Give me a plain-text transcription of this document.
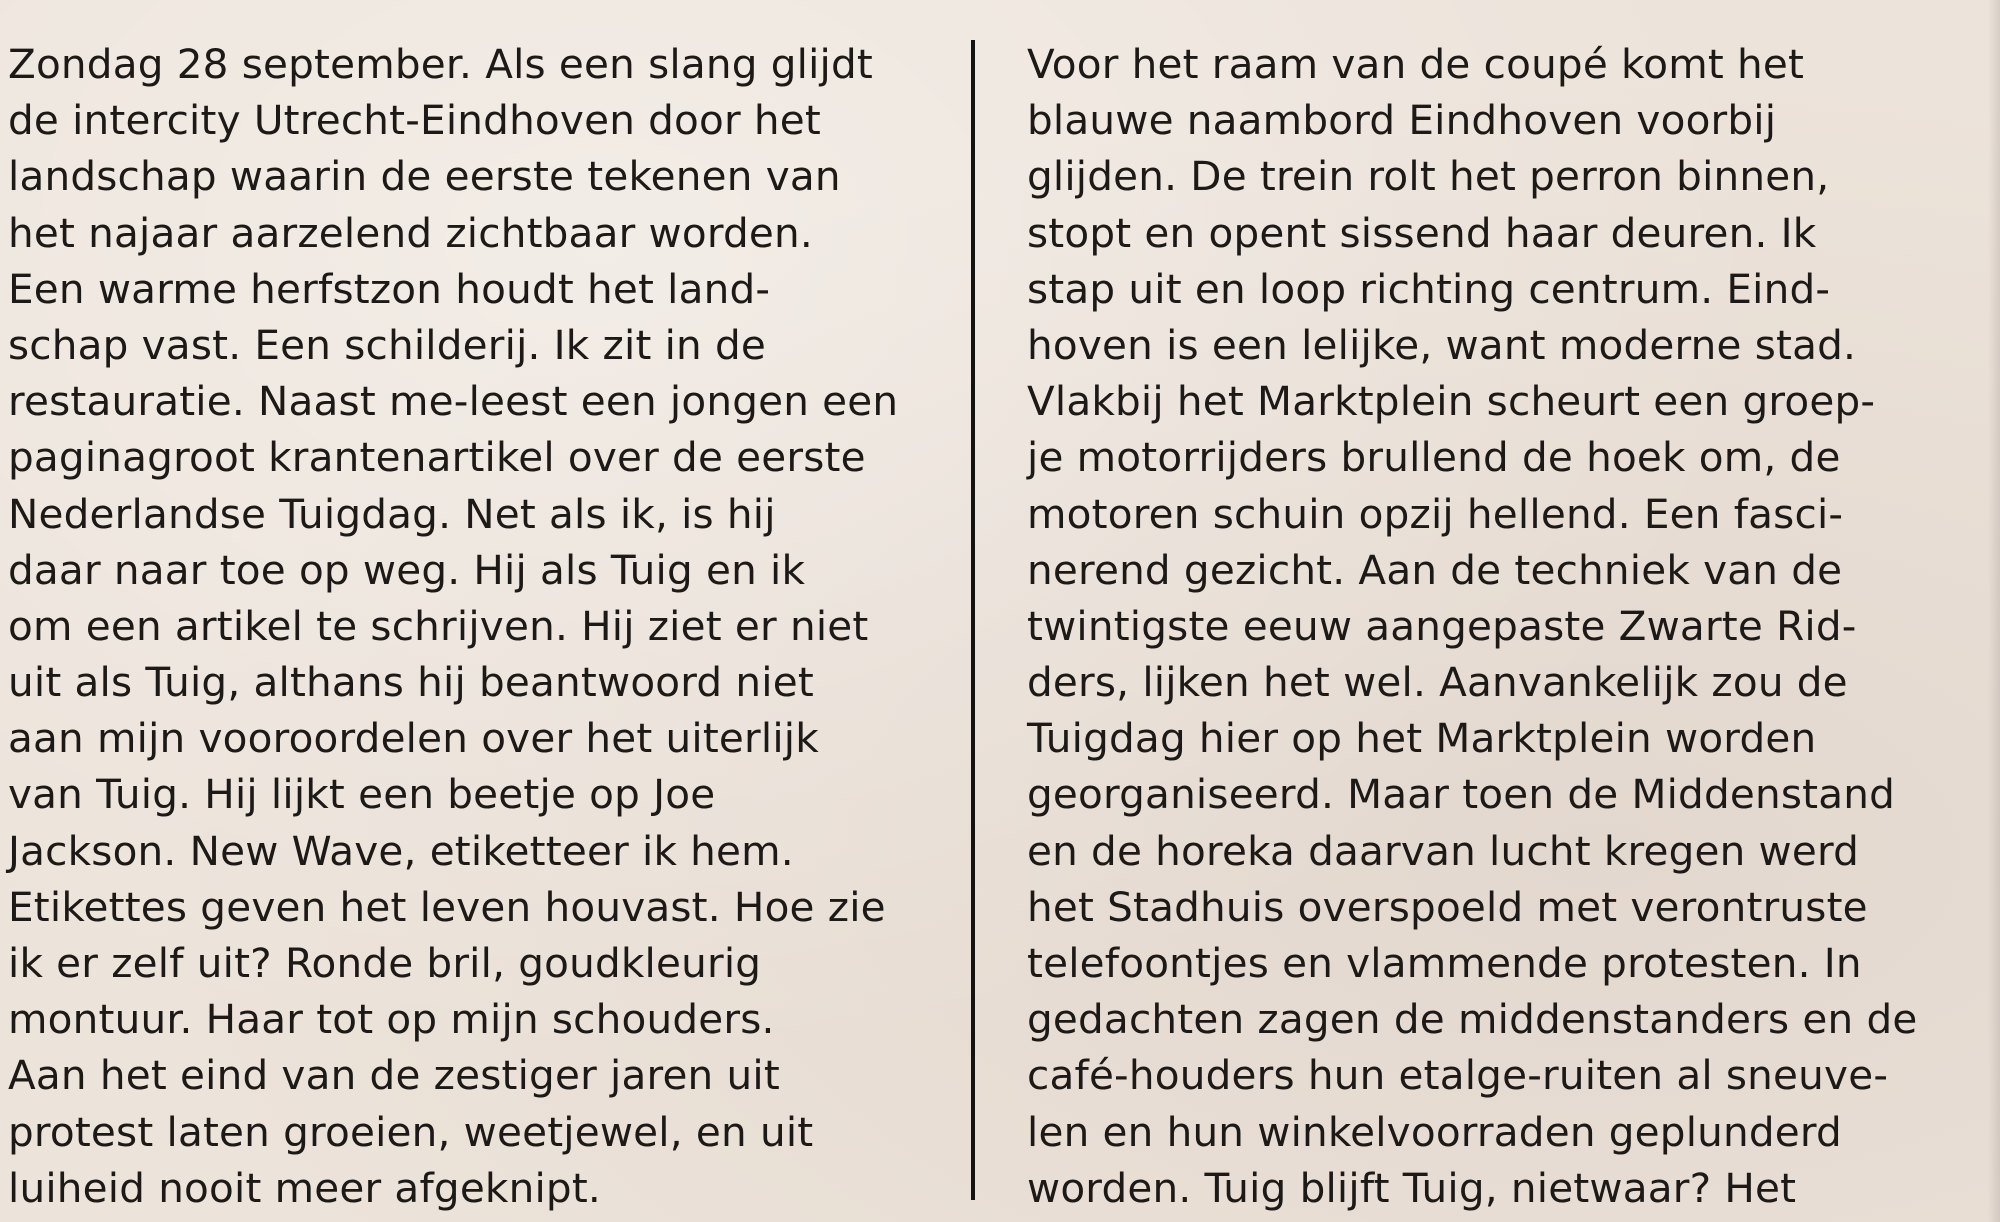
Zondag 28 september. Als een slang glijdt
de intercity Utrecht-Eindhoven door het
landschap waarin de eerste tekenen van
het najaar aarzelend zichtbaar worden.
Een warme herfstzon houdt het land-
schap vast. Een schilderij. Ik zit in de
restauratie. Naast me-leest een jongen een
paginagroot krantenartikel over de eerste
Nederlandse Tuigdag. Net als ik, is hij
daar naar toe op weg. Hij als Tuig en ik
om een artikel te schrijven. Hij ziet er niet
uit als Tuig, althans hij beantwoord niet
aan mijn vooroordelen over het uiterlijk
van Tuig. Hij lijkt een beetje op Joe
Jackson. New Wave, etiketteer ik hem.
Etikettes geven het leven houvast. Hoe zie
ik er zelf uit? Ronde bril, goudkleurig
montuur. Haar tot op mijn schouders.
Aan het eind van de zestiger jaren uit
protest laten groeien, weetjewel, en uit
luiheid nooit meer afgeknipt.
Voor het raam van de coupé komt het
blauwe naambord Eindhoven voorbij
glijden. De trein rolt het perron binnen,
stopt en opent sissend haar deuren. Ik
stap uit en loop richting centrum. Eind-
hoven is een lelijke, want moderne stad.
Vlakbij het Marktplein scheurt een groep-
je motorrijders brullend de hoek om, de
motoren schuin opzij hellend. Een fasci-
nerend gezicht. Aan de techniek van de
twintigste eeuw aangepaste Zwarte Rid-
ders, lijken het wel. Aanvankelijk zou de
Tuigdag hier op het Marktplein worden
georganiseerd. Maar toen de Middenstand
en de horeka daarvan lucht kregen werd
het Stadhuis overspoeld met verontruste
telefoontjes en vlammende protesten. In
gedachten zagen de middenstanders en de
café-houders hun etalge-ruiten al sneuve-
len en hun winkelvoorraden geplunderd
worden. Tuig blijft Tuig, nietwaar? Het
